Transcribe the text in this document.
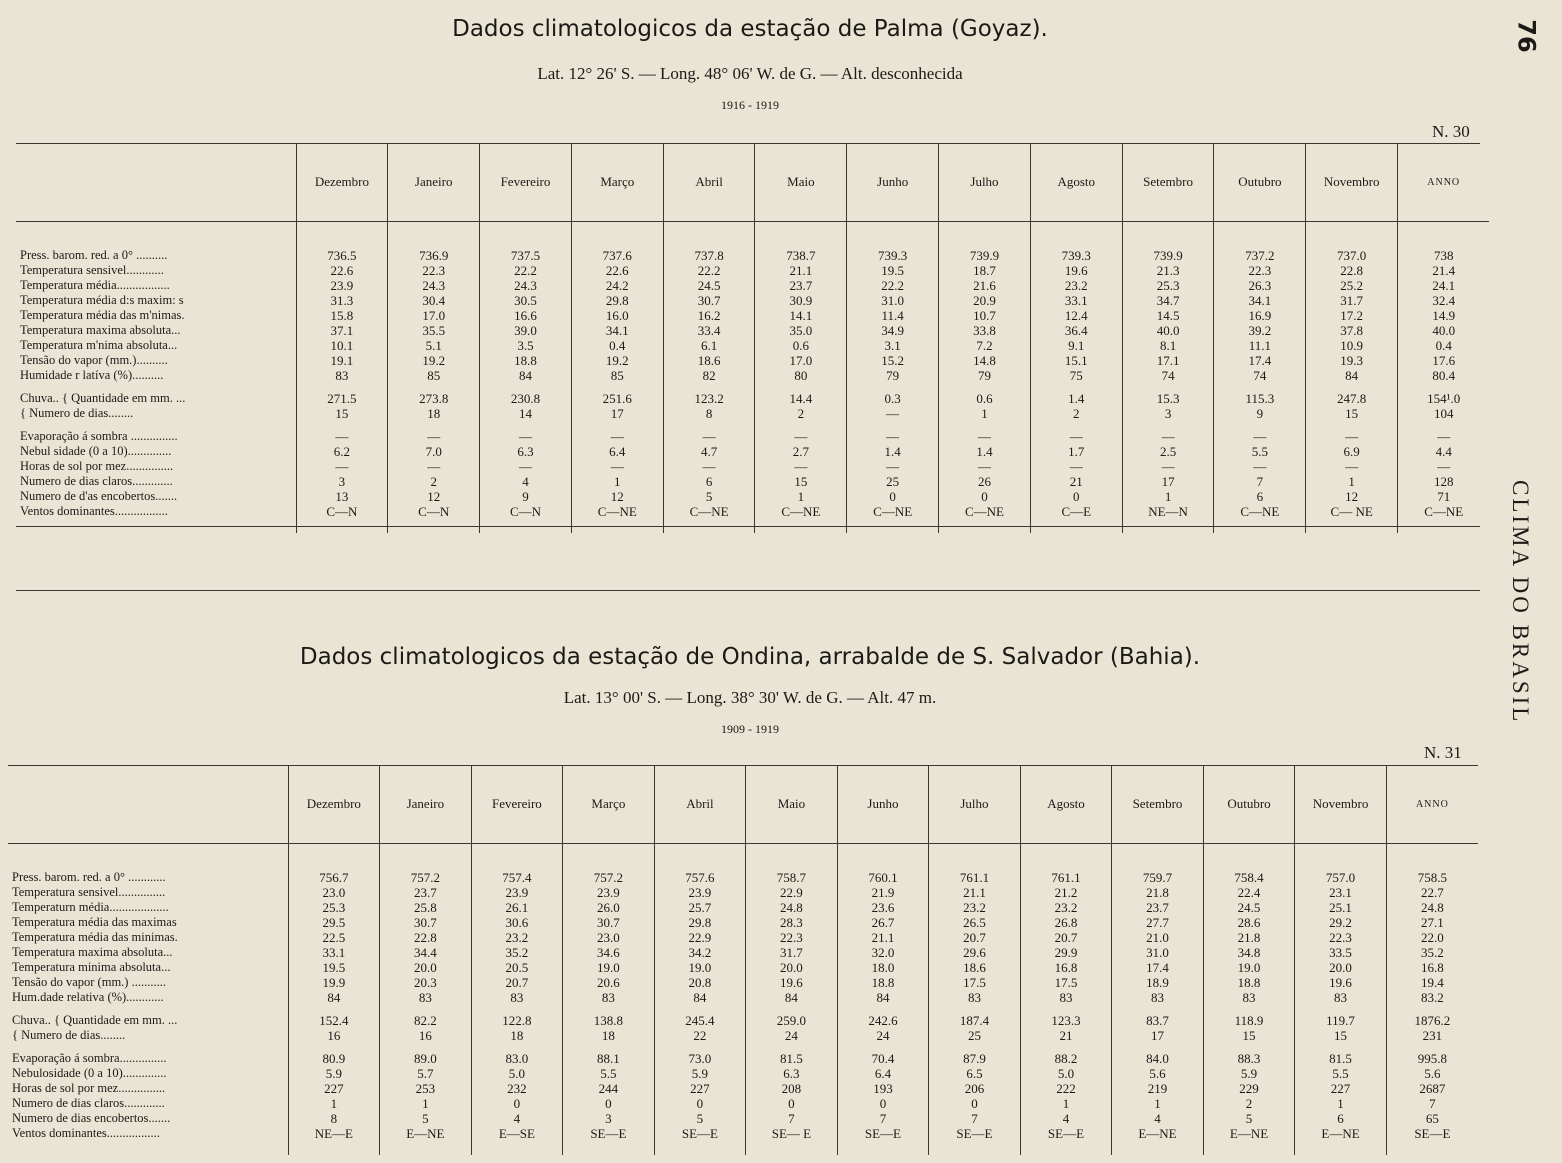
76
CLIMA DO BRASIL
Dados climatologicos da estação de Palma (Goyaz).
Lat. 12° 26' S. — Long. 48° 06' W. de G. — Alt. desconhecida
1916 - 1919
N. 30
	Dezembro	Janeiro	Fevereiro	Março	Abril	Maio	Junho	Julho	Agosto	Setembro	Outubro	Novembro	ANNO

Press. barom. red. a 0° ..........	736.5	736.9	737.5	737.6	737.8	738.7	739.3	739.9	739.3	739.9	737.2	737.0	738
Temperatura sensivel............	22.6	22.3	22.2	22.6	22.2	21.1	19.5	18.7	19.6	21.3	22.3	22.8	21.4
Temperatura média.................	23.9	24.3	24.3	24.2	24.5	23.7	22.2	21.6	23.2	25.3	26.3	25.2	24.1
Temperatura média d:s maxim: s	31.3	30.4	30.5	29.8	30.7	30.9	31.0	20.9	33.1	34.7	34.1	31.7	32.4
Temperatura média das m'nimas.	15.8	17.0	16.6	16.0	16.2	14.1	11.4	10.7	12.4	14.5	16.9	17.2	14.9
Temperatura maxima absoluta...	37.1	35.5	39.0	34.1	33.4	35.0	34.9	33.8	36.4	40.0	39.2	37.8	40.0
Temperatura m'nima absoluta...	10.1	5.1	3.5	0.4	6.1	0.6	3.1	7.2	9.1	8.1	11.1	10.9	0.4
Tensão do vapor (mm.)..........	19.1	19.2	18.8	19.2	18.6	17.0	15.2	14.8	15.1	17.1	17.4	19.3	17.6
Humidade r latíva (%)..........	83	85	84	85	82	80	79	79	75	74	74	84	80.4

Chuva.. { Quantidade em mm. ...	271.5	273.8	230.8	251.6	123.2	14.4	0.3	0.6	1.4	15.3	115.3	247.8	154¹.0
{ Numero de dias........	15	18	14	17	8	2	—	1	2	3	9	15	104

Evaporação á sombra ...............	—	—	—	—	—	—	—	—	—	—	—	—	—
Nebul sidade (0 a 10)..............	6.2	7.0	6.3	6.4	4.7	2.7	1.4	1.4	1.7	2.5	5.5	6.9	4.4
Horas de sol por mez...............	—	—	—	—	—	—	—	—	—	—	—	—	—
Numero de dias claros.............	3	2	4	1	6	15	25	26	21	17	7	1	128
Numero de d'as encobertos.......	13	12	9	12	5	1	0	0	0	1	6	12	71
Ventos dominantes.................	C—N	C—N	C—N	C—NE	C—NE	C—NE	C—NE	C—NE	C—E	NE—N	C—NE	C— NE	C—NE

Dados climatologicos da estação de Ondina, arrabalde de S. Salvador (Bahia).
Lat. 13° 00' S. — Long. 38° 30' W. de G. — Alt. 47 m.
1909 - 1919
N. 31
	Dezembro	Janeiro	Fevereiro	Março	Abril	Maio	Junho	Julho	Agosto	Setembro	Outubro	Novembro	ANNO

Press. barom. red. a 0° ............	756.7	757.2	757.4	757.2	757.6	758.7	760.1	761.1	761.1	759.7	758.4	757.0	758.5
Temperatura sensivel...............	23.0	23.7	23.9	23.9	23.9	22.9	21.9	21.1	21.2	21.8	22.4	23.1	22.7
Temperaturn média...................	25.3	25.8	26.1	26.0	25.7	24.8	23.6	23.2	23.2	23.7	24.5	25.1	24.8
Temperatura média das maximas	29.5	30.7	30.6	30.7	29.8	28.3	26.7	26.5	26.8	27.7	28.6	29.2	27.1
Temperatura média das minimas.	22.5	22.8	23.2	23.0	22.9	22.3	21.1	20.7	20.7	21.0	21.8	22.3	22.0
Temperatura maxima absoluta...	33.1	34.4	35.2	34.6	34.2	31.7	32.0	29.6	29.9	31.0	34.8	33.5	35.2
Temperatura minima absoluta...	19.5	20.0	20.5	19.0	19.0	20.0	18.0	18.6	16.8	17.4	19.0	20.0	16.8
Tensão do vapor (mm.) ...........	19.9	20.3	20.7	20.6	20.8	19.6	18.8	17.5	17.5	18.9	18.8	19.6	19.4
Hum.dade relativa (%)............	84	83	83	83	84	84	84	83	83	83	83	83	83.2

Chuva.. { Quantidade em mm. ...	152.4	82.2	122.8	138.8	245.4	259.0	242.6	187.4	123.3	83.7	118.9	119.7	1876.2
{ Numero de dias........	16	16	18	18	22	24	24	25	21	17	15	15	231

Evaporação á sombra...............	80.9	89.0	83.0	88.1	73.0	81.5	70.4	87.9	88.2	84.0	88.3	81.5	995.8
Nebulosidade (0 a 10)..............	5.9	5.7	5.0	5.5	5.9	6.3	6.4	6.5	5.0	5.6	5.9	5.5	5.6
Horas de sol por mez...............	227	253	232	244	227	208	193	206	222	219	229	227	2687
Numero de dias claros.............	1	1	0	0	0	0	0	0	1	1	2	1	7
Numero de dias encobertos.......	8	5	4	3	5	7	7	7	4	4	5	6	65
Ventos dominantes.................	NE—E	E—NE	E—SE	SE—E	SE—E	SE— E	SE—E	SE—E	SE—E	E—NE	E—NE	E—NE	SE—E
